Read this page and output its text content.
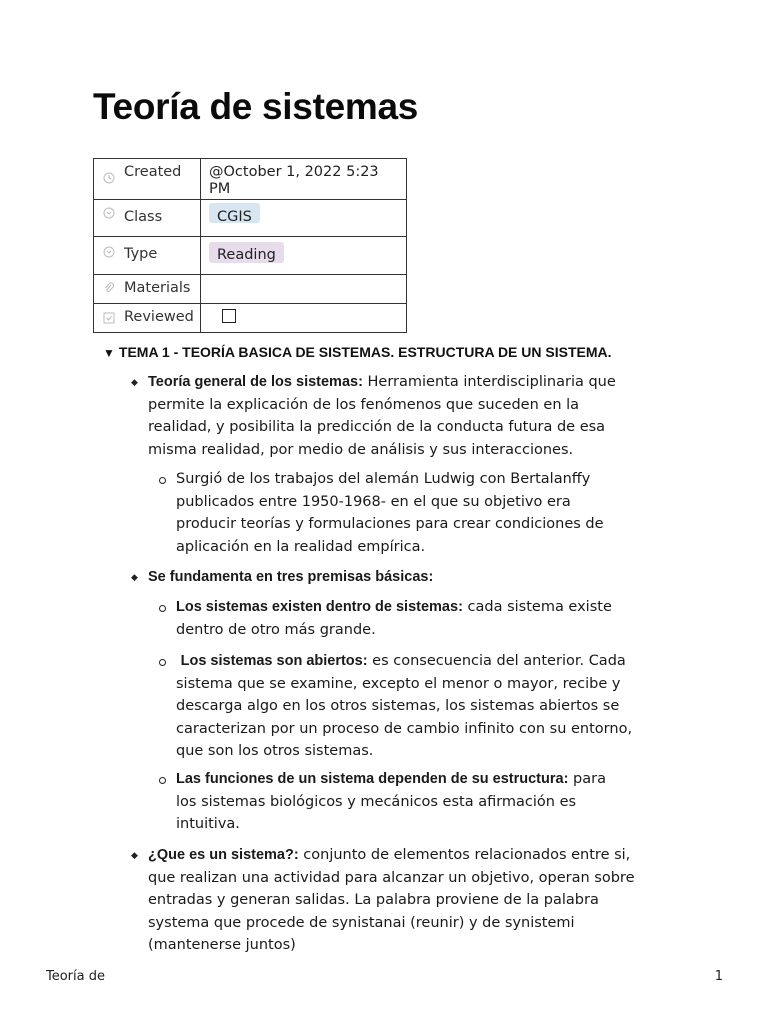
Teoría de sistemas
Created	@October 1, 2022 5:23 PM

Class	CGIS

Type	Reading

Materials	

Reviewed	

▼ TEMA 1 - TEORÍA BASICA DE SISTEMAS. ESTRUCTURA DE UN SISTEMA.
◆ Teoría general de los sistemas: Herramienta interdisciplinaria que
permite la explicación de los fenómenos que suceden en la
realidad, y posibilita la predicción de la conducta futura de esa
misma realidad, por medio de análisis y sus interacciones.
Surgió de los trabajos del alemán Ludwig con Bertalanffy
publicados entre 1950-1968- en el que su objetivo era
producir teorías y formulaciones para crear condiciones de
aplicación en la realidad empírica.
◆ Se fundamenta en tres premisas básicas:
Los sistemas existen dentro de sistemas: cada sistema existe
dentro de otro más grande.
Los sistemas son abiertos: es consecuencia del anterior. Cada
sistema que se examine, excepto el menor o mayor, recibe y
descarga algo en los otros sistemas, los sistemas abiertos se
caracterizan por un proceso de cambio infinito con su entorno,
que son los otros sistemas.
Las funciones de un sistema dependen de su estructura: para
los sistemas biológicos y mecánicos esta afirmación es
intuitiva.
◆ ¿Que es un sistema?: conjunto de elementos relacionados entre si,
que realizan una actividad para alcanzar un objetivo, operan sobre
entradas y generan salidas. La palabra proviene de la palabra
systema que procede de synistanai (reunir) y de synistemi
(mantenerse juntos)
Teoría de	1
